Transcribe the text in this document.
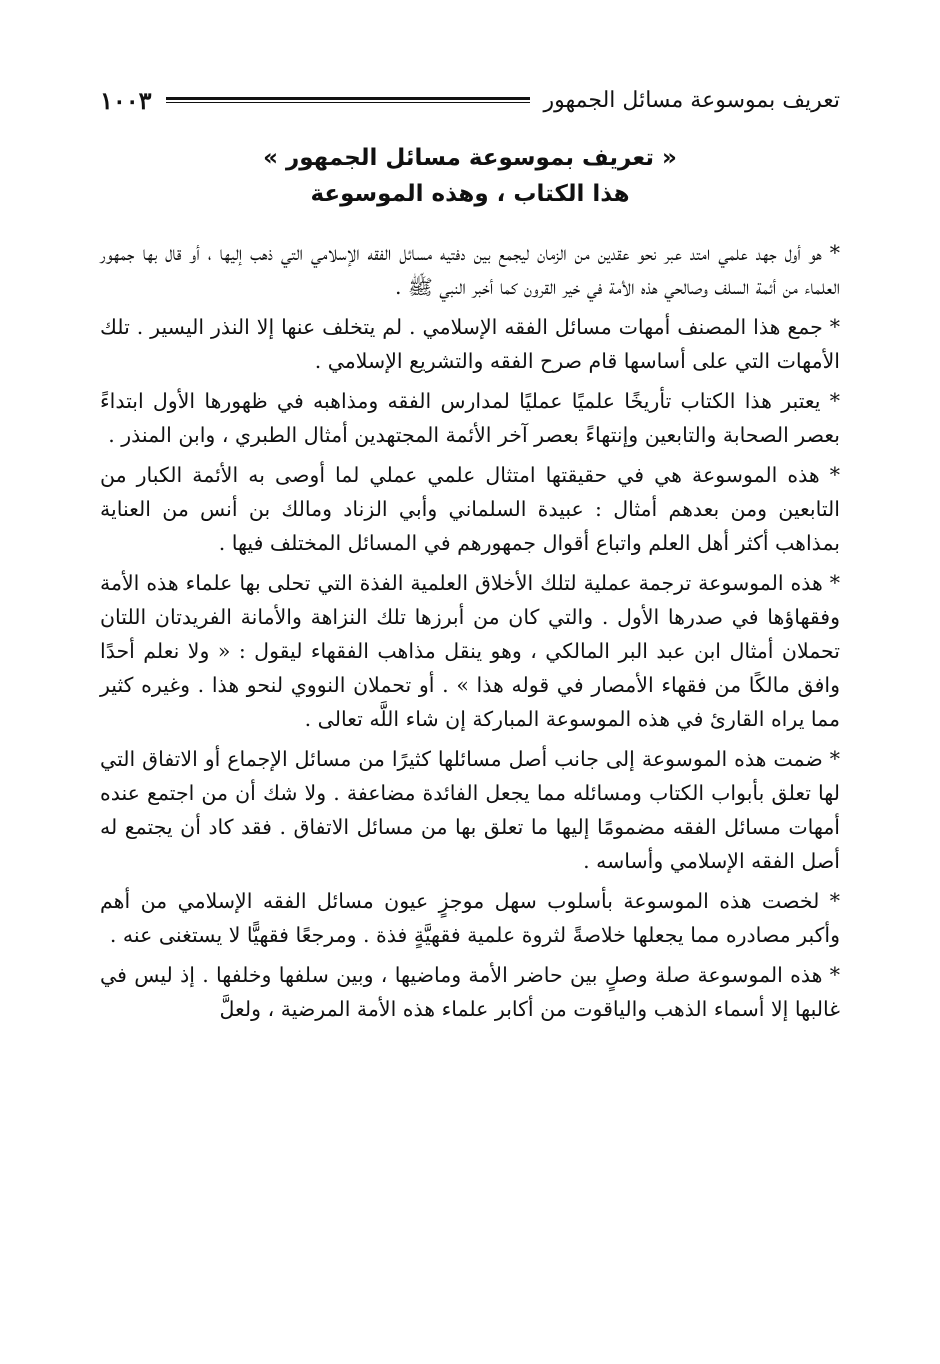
تعريف بموسوعة مسائل الجمهور
١٠٠٣

« تعريف بموسوعة مسائل الجمهور »

هذا الكتاب ، وهذه الموسوعة

* هو أول جهد علمي امتد عبر نحو عقدين من الزمان ليجمع بين دفتيه مسائل الفقه الإسلامي التي ذهب إليها ، أو قال بها جمهور العلماء من أئمة السلف وصالحي هذه الأمة في خير القرون كما أخبر النبي ﷺ .

* جمع هذا المصنف أمهات مسائل الفقه الإسلامي . لم يتخلف عنها إلا النذر اليسير . تلك الأمهات التي على أساسها قام صرح الفقه والتشريع الإسلامي .

* يعتبر هذا الكتاب تأريخًا علميًا عمليًا لمدارس الفقه ومذاهبه في ظهورها الأول ابتداءً بعصر الصحابة والتابعين وإنتهاءً بعصر آخر الأئمة المجتهدين أمثال الطبري ، وابن المنذر .

* هذه الموسوعة هي في حقيقتها امتثال علمي عملي لما أوصى به الأئمة الكبار من التابعين ومن بعدهم أمثال : عبيدة السلماني وأبي الزناد ومالك بن أنس من العناية بمذاهب أكثر أهل العلم واتباع أقوال جمهورهم في المسائل المختلف فيها .

* هذه الموسوعة ترجمة عملية لتلك الأخلاق العلمية الفذة التي تحلى بها علماء هذه الأمة وفقهاؤها في صدرها الأول . والتي كان من أبرزها تلك النزاهة والأمانة الفريدتان اللتان تحملان أمثال ابن عبد البر المالكي ، وهو ينقل مذاهب الفقهاء ليقول : « ولا نعلم أحدًا وافق مالكًا من فقهاء الأمصار في قوله هذا » . أو تحملان النووي لنحو هذا . وغيره كثير مما يراه القارئ في هذه الموسوعة المباركة إن شاء اللَّه تعالى .

* ضمت هذه الموسوعة إلى جانب أصل مسائلها كثيرًا من مسائل الإجماع أو الاتفاق التي لها تعلق بأبواب الكتاب ومسائله مما يجعل الفائدة مضاعفة . ولا شك أن من اجتمع عنده أمهات مسائل الفقه مضمومًا إليها ما تعلق بها من مسائل الاتفاق . فقد كاد أن يجتمع له أصل الفقه الإسلامي وأساسه .

* لخصت هذه الموسوعة بأسلوب سهل موجزٍ عيون مسائل الفقه الإسلامي من أهم وأكبر مصادره مما يجعلها خلاصةً لثروة علمية فقهيَّةٍ فذة . ومرجعًا فقهيًّا لا يستغنى عنه .

* هذه الموسوعة صلة وصلٍ بين حاضر الأمة وماضيها ، وبين سلفها وخلفها . إذ ليس في غالبها إلا أسماء الذهب والياقوت من أكابر علماء هذه الأمة المرضية ، ولعلَّ
